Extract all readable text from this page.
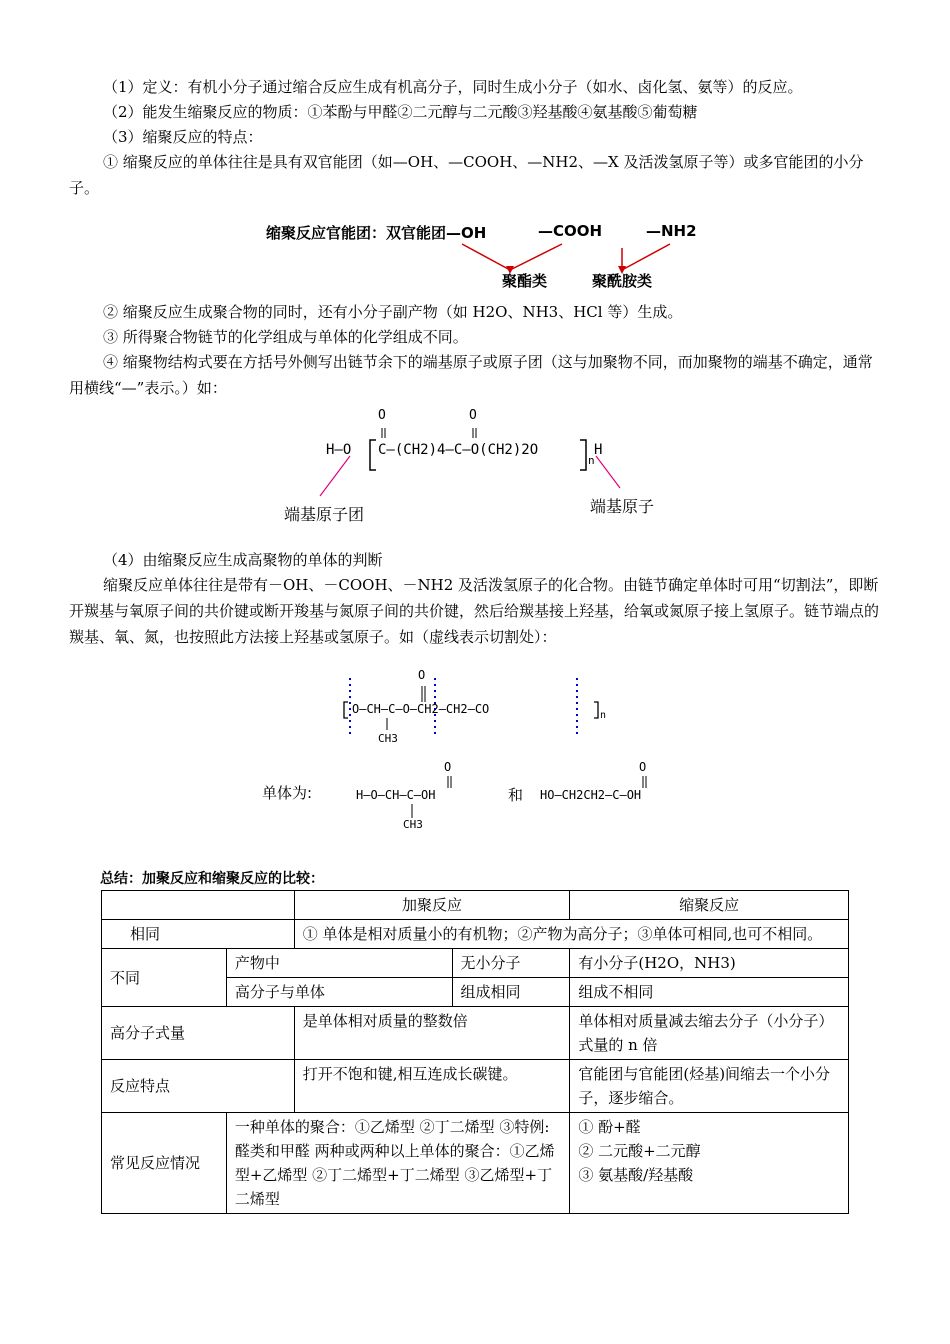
（1）定义：有机小分子通过缩合反应生成有机高分子，同时生成小分子（如水、卤化氢、氨等）的反应。
（2）能发生缩聚反应的物质：①苯酚与甲醛②二元醇与二元酸③羟基酸④氨基酸⑤葡萄糖
（3）缩聚反应的特点：
① 缩聚反应的单体往往是具有双官能团（如—OH、—COOH、—NH2、—X 及活泼氢原子等）或多官能团的小分子。
缩聚反应官能团：双官能团—OH	—COOH	—NH2
聚酯类	聚酰胺类
② 缩聚反应生成聚合物的同时，还有小分子副产物（如 H2O、NH3、HCl 等）生成。
③ 所得聚合物链节的化学组成与单体的化学组成不同。
④ 缩聚物结构式要在方括号外侧写出链节余下的端基原子或原子团（这与加聚物不同，而加聚物的端基不确定，通常用横线“—”表示。）如：
O	O
H—O C—(CH2)4—C—O(CH2)2O
n
H
端基原子团	端基原子
（4）由缩聚反应生成高聚物的单体的判断
缩聚反应单体往往是带有－OH、－COOH、－NH2 及活泼氢原子的化合物。由链节确定单体时可用“切割法”，即断开羰基与氧原子间的共价键或断开羧基与氮原子间的共价键，然后给羰基接上羟基，给氧或氮原子接上氢原子。链节端点的羰基、氧、氮，也按照此方法接上羟基或氢原子。如（虚线表示切割处）：
O
O—CH—C—O—CH2—CH2—CO	n
CH3
单体为:
O
H—O—CH—C—OH
CH3
和
O
HO—CH2CH2—C—OH
总结：加聚反应和缩聚反应的比较：
		加聚反应		缩聚反应
相同		① 单体是相对质量小的有机物；②产物为高分子；③单体可相同,也可不相同。		
不同	产物中		无小分子	有小分子(H2O，NH3)
	高分子与单体		组成相同	组成不相同
高分子式量		是单体相对质量的整数倍		单体相对质量减去缩去分子（小分子）式量的 n 倍
反应特点		打开不饱和键,相互连成长碳键。		官能团与官能团(烃基)间缩去一个小分子，逐步缩合。
常见反应情况	一种单体的聚合：①乙烯型 ②丁二烯型 ③特例:醛类和甲醛 两种或两种以上单体的聚合：①乙烯型+乙烯型 ②丁二烯型+丁二烯型 ③乙烯型+丁二烯型			① 酚+醛
② 二元酸+二元醇
③ 氨基酸/羟基酸
